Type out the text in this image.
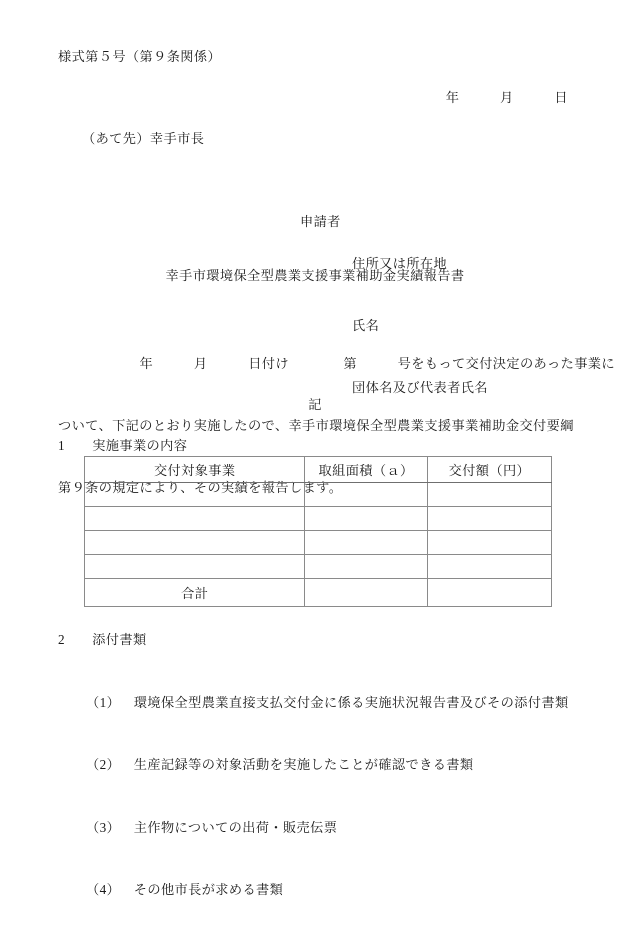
様式第５号（第９条関係）
年　　　月　　　日
（あて先）幸手市長

申請者

住所又は所在地

氏名

団体名及び代表者氏名

幸手市環境保全型農業支援事業補助金実績報告書

　　　　　　年　　　月　　　日付け　　　　第　　　号をもって交付決定のあった事業に

ついて、下記のとおり実施したので、幸手市環境保全型農業支援事業補助金交付要綱

第９条の規定により、その実績を報告します。

記
1　　 実施事業の内容
交付対象事業	取組面積（ａ）	交付額（円）

合計		
2　　 添付書類

（1）　 環境保全型農業直接支払交付金に係る実施状況報告書及びその添付書類

（2）　 生産記録等の対象活動を実施したことが確認できる書類

（3）　 主作物についての出荷・販売伝票

（4）　 その他市長が求める書類
